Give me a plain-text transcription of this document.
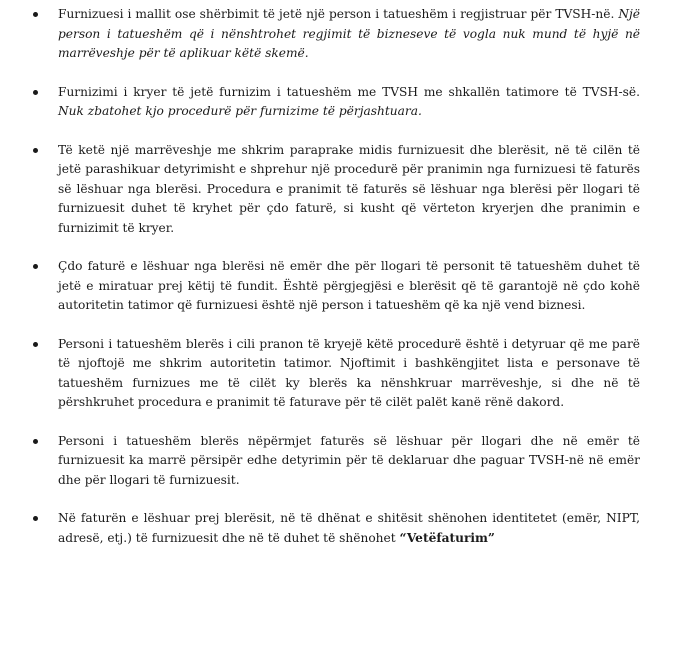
Furnizuesi i mallit ose shërbimit të jetë një person i tatueshëm i regjistruar për TVSH-në. Një person i tatueshëm që i nënshtrohet regjimit të bizneseve të vogla nuk mund të hyjë në marrëveshje për të aplikuar këtë skemë.
Furnizimi i kryer të jetë furnizim i tatueshëm me TVSH me shkallën tatimore të TVSH-së. Nuk zbatohet kjo procedurë për furnizime të përjashtuara.
Të ketë një marrëveshje me shkrim paraprake midis furnizuesit dhe blerësit, në të cilën të jetë parashikuar detyrimisht e shprehur një procedurë për pranimin nga furnizuesi të faturës së lëshuar nga blerësi. Procedura e pranimit të faturës së lëshuar nga blerësi për llogari të furnizuesit duhet të kryhet për çdo faturë, si kusht që vërteton kryerjen dhe pranimin e furnizimit të kryer.
Çdo faturë e lëshuar nga blerësi në emër dhe për llogari të personit të tatueshëm duhet të jetë e miratuar prej këtij të fundit. Është përgjegjësi e blerësit që të garantojë në çdo kohë autoritetin tatimor që furnizuesi është një person i tatueshëm që ka një vend biznesi.
Personi i tatueshëm blerës i cili pranon të kryejë këtë procedurë është i detyruar që me parë të njoftojë me shkrim autoritetin tatimor. Njoftimit i bashkëngjitet lista e personave të tatueshëm furnizues me të cilët ky blerës ka nënshkruar marrëveshje, si dhe në të përshkruhet procedura e pranimit të faturave për të cilët palët kanë rënë dakord.
Personi i tatueshëm blerës nëpërmjet faturës së lëshuar për llogari dhe në emër të furnizuesit ka marrë përsipër edhe detyrimin për të deklaruar dhe paguar TVSH-në në emër dhe për llogari të furnizuesit.
Në faturën e lëshuar prej blerësit, në të dhënat e shitësit shënohen identitetet (emër, NIPT, adresë, etj.) të furnizuesit dhe në të duhet të shënohet “Vetëfaturim”
